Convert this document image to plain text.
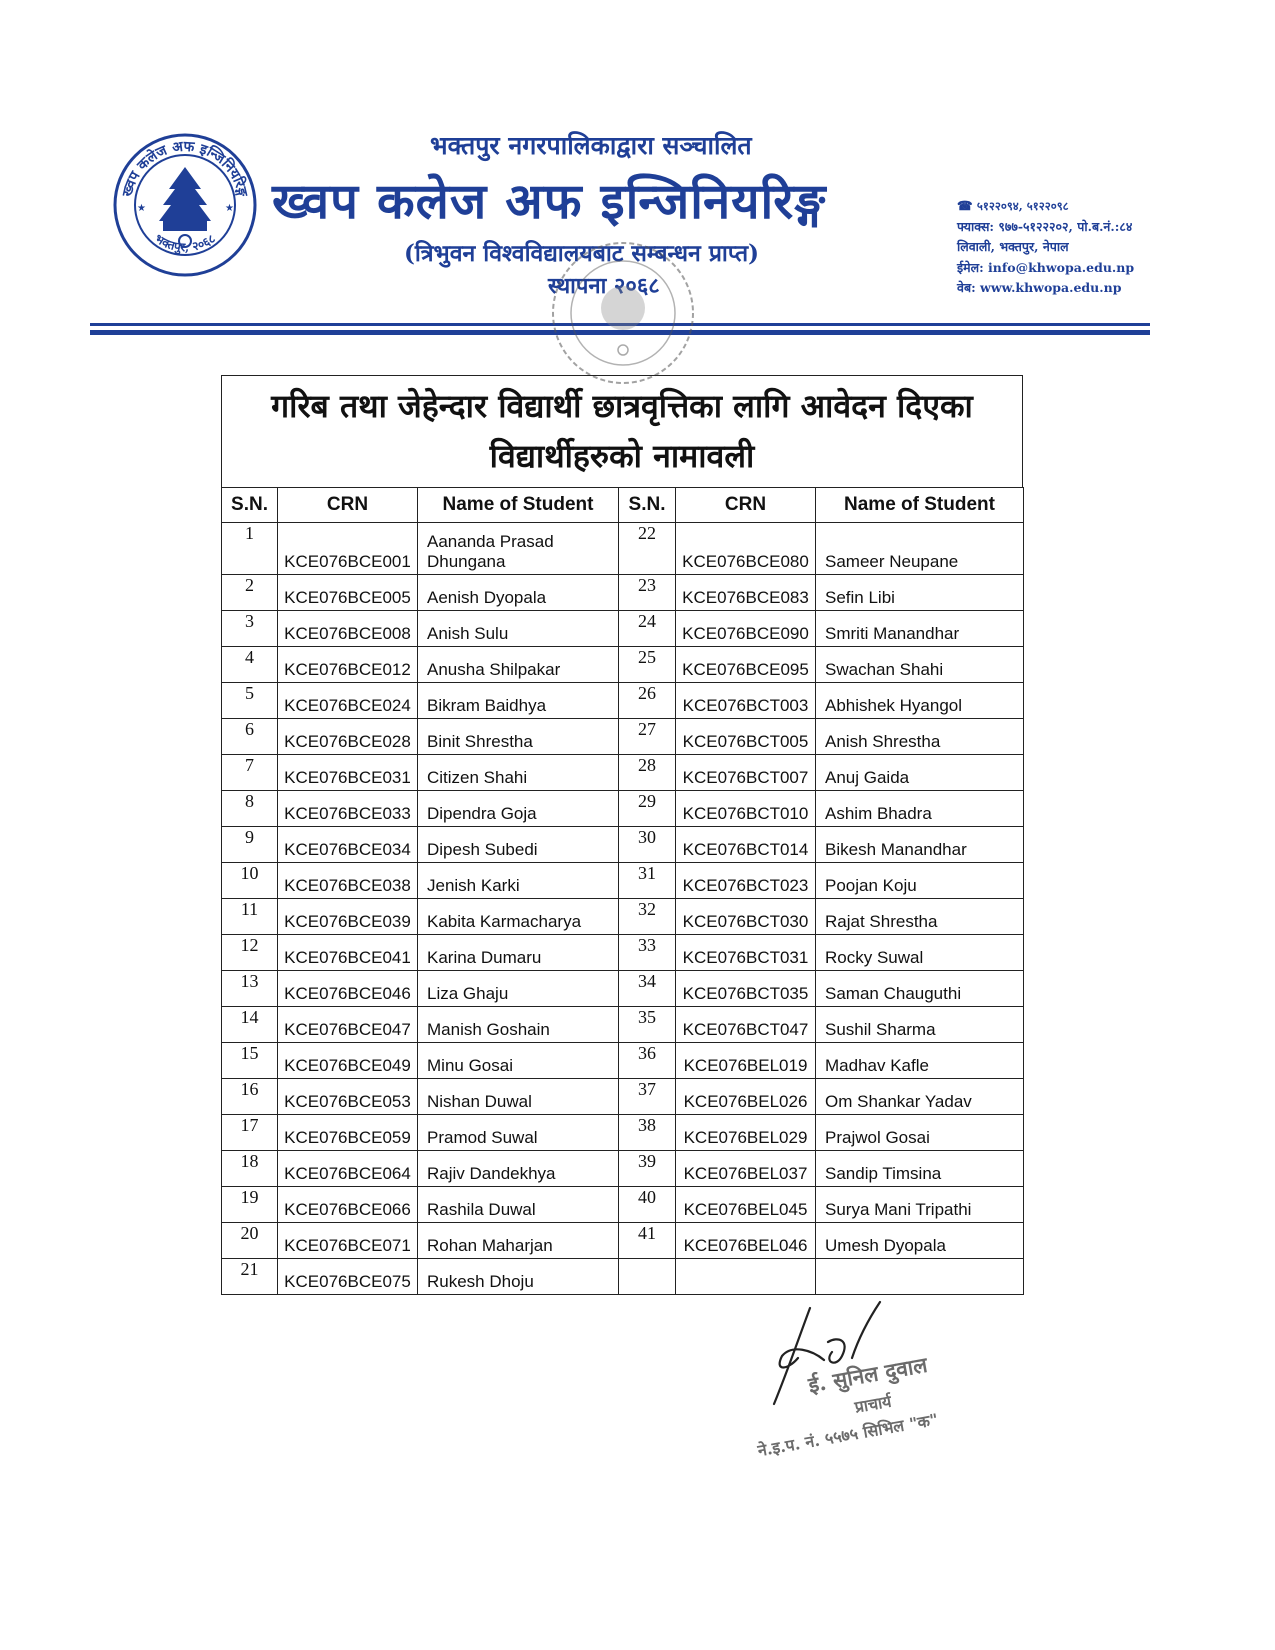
ख्वप कलेज अफ इन्जिनियरिङ्ग
भक्तपुर, २०६८
★	★
भक्तपुर नगरपालिकाद्वारा सञ्चालित
ख्वप कलेज अफ इन्जिनियरिङ्ग
(त्रिभुवन विश्वविद्यालयबाट सम्बन्धन प्राप्त)
स्थापना २०६८
☎ ५१२२०९४, ५१२२०९८
फ्याक्स: ९७७-५१२२२०२, पो.ब.नं.:८४
लिवाली, भक्तपुर, नेपाल
ईमेल: info@khwopa.edu.np
वेब: www.khwopa.edu.np
गरिब तथा जेहेन्दार विद्यार्थी छात्रवृत्तिका लागि आवेदन दिएका
विद्यार्थीहरुको नामावली
S.N.	CRN	Name of Student	S.N.	CRN	Name of Student
1	KCE076BCE001	Aananda Prasad Dhungana	22	KCE076BCE080	Sameer Neupane
2	KCE076BCE005	Aenish Dyopala	23	KCE076BCE083	Sefin Libi
3	KCE076BCE008	Anish Sulu	24	KCE076BCE090	Smriti Manandhar
4	KCE076BCE012	Anusha Shilpakar	25	KCE076BCE095	Swachan Shahi
5	KCE076BCE024	Bikram Baidhya	26	KCE076BCT003	Abhishek Hyangol
6	KCE076BCE028	Binit Shrestha	27	KCE076BCT005	Anish Shrestha
7	KCE076BCE031	Citizen Shahi	28	KCE076BCT007	Anuj Gaida
8	KCE076BCE033	Dipendra Goja	29	KCE076BCT010	Ashim Bhadra
9	KCE076BCE034	Dipesh Subedi	30	KCE076BCT014	Bikesh Manandhar
10	KCE076BCE038	Jenish Karki	31	KCE076BCT023	Poojan Koju
11	KCE076BCE039	Kabita Karmacharya	32	KCE076BCT030	Rajat Shrestha
12	KCE076BCE041	Karina Dumaru	33	KCE076BCT031	Rocky Suwal
13	KCE076BCE046	Liza Ghaju	34	KCE076BCT035	Saman Chauguthi
14	KCE076BCE047	Manish Goshain	35	KCE076BCT047	Sushil Sharma
15	KCE076BCE049	Minu Gosai	36	KCE076BEL019	Madhav Kafle
16	KCE076BCE053	Nishan Duwal	37	KCE076BEL026	Om Shankar Yadav
17	KCE076BCE059	Pramod Suwal	38	KCE076BEL029	Prajwol Gosai
18	KCE076BCE064	Rajiv Dandekhya	39	KCE076BEL037	Sandip Timsina
19	KCE076BCE066	Rashila Duwal	40	KCE076BEL045	Surya Mani Tripathi
20	KCE076BCE071	Rohan Maharjan	41	KCE076BEL046	Umesh Dyopala
21	KCE076BCE075	Rukesh Dhoju			
ई. सुनिल दुवाल
प्राचार्य
ने.इ.प. नं. ५५७५ सिभिल "क"
